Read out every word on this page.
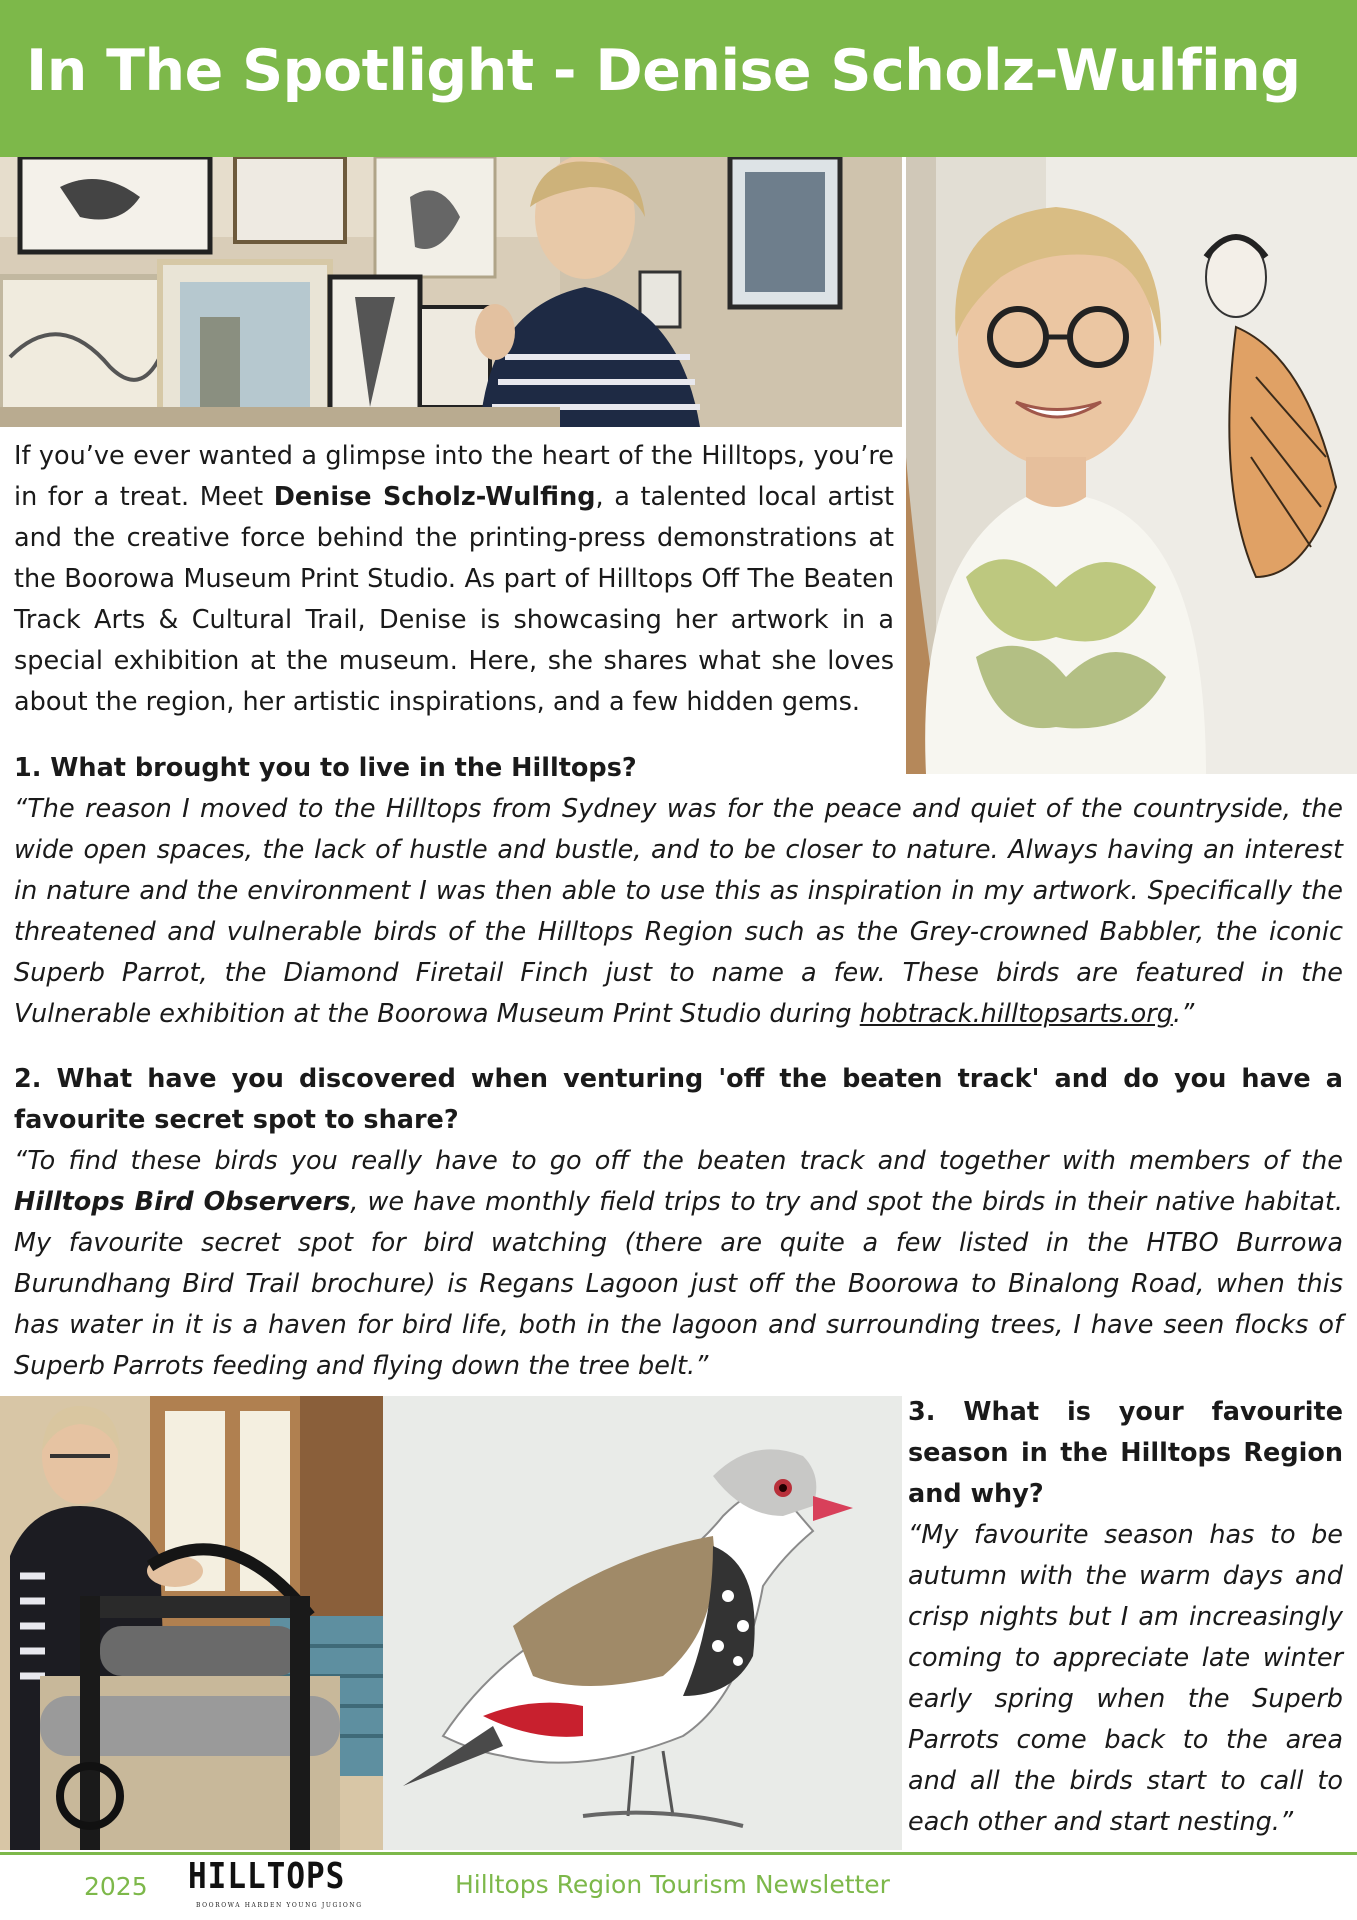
In The Spotlight - Denise Scholz-Wulfing

If you’ve ever wanted a glimpse into the heart of the Hilltops, you’re in for a treat. Meet Denise Scholz-Wulfing, a talented local artist and the creative force behind the printing-press demonstrations at the Boorowa Museum Print Studio. As part of Hilltops Off The Beaten Track Arts & Cultural Trail, Denise is showcasing her artwork in a special exhibition at the museum. Here, she shares what she loves about the region, her artistic inspirations, and a few hidden gems.

1. What brought you to live in the Hilltops?

“The reason I moved to the Hilltops from Sydney was for the peace and quiet of the countryside, the wide open spaces, the lack of hustle and bustle, and to be closer to nature. Always having an interest in nature and the environment I was then able to use this as inspiration in my artwork. Specifically the threatened and vulnerable birds of the Hilltops Region such as the Grey-crowned Babbler, the iconic Superb Parrot, the Diamond Firetail Finch just to name a few. These birds are featured in the Vulnerable exhibition at the Boorowa Museum Print Studio during hobtrack.hilltopsarts.org.”

2. What have you discovered when venturing 'off the beaten track' and do you have a favourite secret spot to share?

“To find these birds you really have to go off the beaten track and together with members of the Hilltops Bird Observers, we have monthly field trips to try and spot the birds in their native habitat. My favourite secret spot for bird watching (there are quite a few listed in the HTBO Burrowa Burundhang Bird Trail brochure) is Regans Lagoon just off the Boorowa to Binalong Road, when this has water in it is a haven for bird life, both in the lagoon and surrounding trees, I have seen flocks of Superb Parrots feeding and flying down the tree belt.”

3. What is your favourite season in the Hilltops Region and why?

“My favourite season has to be autumn with the warm days and crisp nights but I am increasingly coming to appreciate late winter early spring when the Superb Parrots come back to the area and all the birds start to call to each other and start nesting.”

2025 HILLTOPS
BOOROWA HARDEN YOUNG JUGIONG
Hilltops Region Tourism Newsletter
